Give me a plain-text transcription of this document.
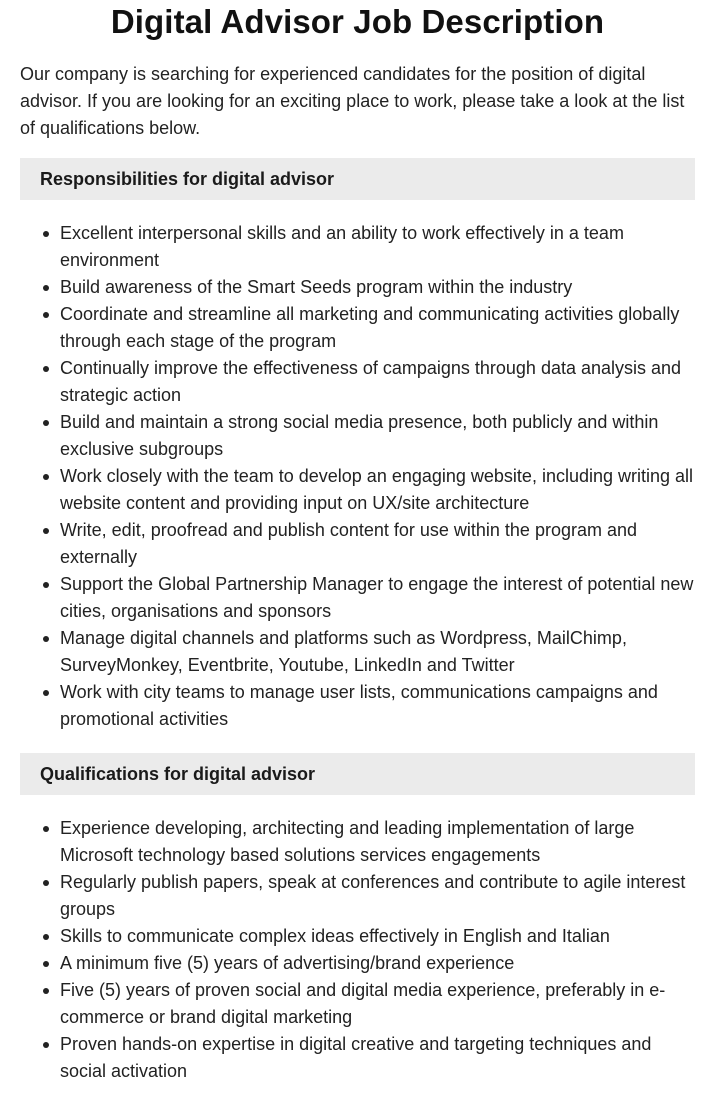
Digital Advisor Job Description

Our company is searching for experienced candidates for the position of digital advisor. If you are looking for an exciting place to work, please take a look at the list of qualifications below.

Responsibilities for digital advisor
Excellent interpersonal skills and an ability to work effectively in a team environment
Build awareness of the Smart Seeds program within the industry
Coordinate and streamline all marketing and communicating activities globally through each stage of the program
Continually improve the effectiveness of campaigns through data analysis and strategic action
Build and maintain a strong social media presence, both publicly and within exclusive subgroups
Work closely with the team to develop an engaging website, including writing all website content and providing input on UX/site architecture
Write, edit, proofread and publish content for use within the program and externally
Support the Global Partnership Manager to engage the interest of potential new cities, organisations and sponsors
Manage digital channels and platforms such as Wordpress, MailChimp, SurveyMonkey, Eventbrite, Youtube, LinkedIn and Twitter
Work with city teams to manage user lists, communications campaigns and promotional activities
Qualifications for digital advisor
Experience developing, architecting and leading implementation of large Microsoft technology based solutions services engagements
Regularly publish papers, speak at conferences and contribute to agile interest groups
Skills to communicate complex ideas effectively in English and Italian
A minimum five (5) years of advertising/brand experience
Five (5) years of proven social and digital media experience, preferably in e-commerce or brand digital marketing
Proven hands-on expertise in digital creative and targeting techniques and social activation
